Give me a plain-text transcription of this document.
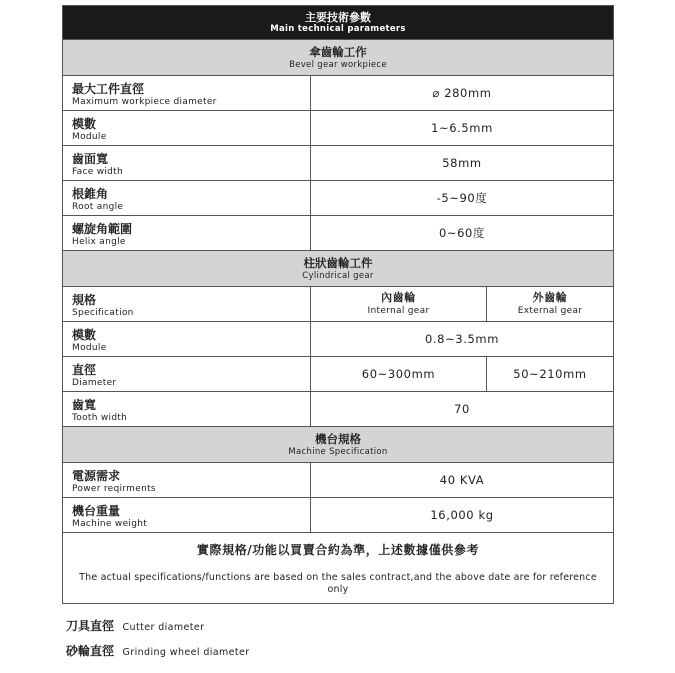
主要技術參數
Main technical parameters
傘齒輪工作
Bevel gear workpiece
最大工件直徑
Maximum workpiece diameter
⌀ 280mm
模數
Module
1~6.5mm
齒面寬
Face width
58mm
根錐角
Root angle
-5~90度
螺旋角範圍
Helix angle
0~60度
柱狀齒輪工件
Cylindrical gear
規格
Specification
內齒輪
Internal gear
外齒輪
External gear
模數
Module
0.8~3.5mm
直徑
Diameter
60~300mm	50~210mm
齒寬
Tooth width
70
機台規格
Machine Specification
電源需求
Power reqirments
40 KVA
機台重量
Machine weight
16,000 kg
實際規格/功能以買賣合約為準，上述數據僅供參考
The actual specifications/functions are based on the sales contract,and the above date are for reference only
刀具直徑 Cutter diameter
砂輪直徑 Grinding wheel diameter
